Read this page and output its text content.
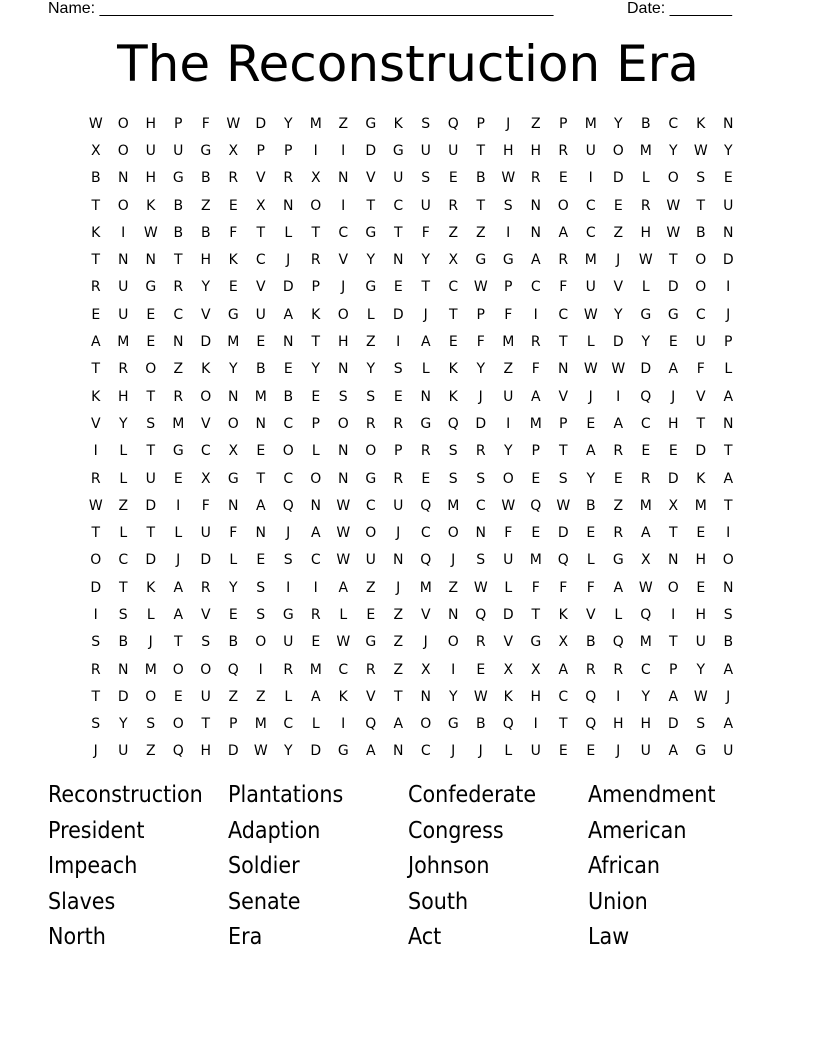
Name: ___________________________________________________	Date: _______
The Reconstruction Era
W	O	H	P	F	W	D	Y	M	Z	G	K	S	Q	P	J	Z	P	M	Y	B	C	K	N
X	O	U	U	G	X	P	P	I	I	D	G	U	U	T	H	H	R	U	O	M	Y	W	Y
B	N	H	G	B	R	V	R	X	N	V	U	S	E	B	W	R	E	I	D	L	O	S	E
T	O	K	B	Z	E	X	N	O	I	T	C	U	R	T	S	N	O	C	E	R	W	T	U
K	I	W	B	B	F	T	L	T	C	G	T	F	Z	Z	I	N	A	C	Z	H	W	B	N
T	N	N	T	H	K	C	J	R	V	Y	N	Y	X	G	G	A	R	M	J	W	T	O	D
R	U	G	R	Y	E	V	D	P	J	G	E	T	C	W	P	C	F	U	V	L	D	O	I
E	U	E	C	V	G	U	A	K	O	L	D	J	T	P	F	I	C	W	Y	G	G	C	J
A	M	E	N	D	M	E	N	T	H	Z	I	A	E	F	M	R	T	L	D	Y	E	U	P
T	R	O	Z	K	Y	B	E	Y	N	Y	S	L	K	Y	Z	F	N	W W	D	A	F	L
K	H	T	R	O	N	M	B	E	S	S	E	N	K	J	U	A	V	J	I	Q	J	V	A
V	Y	S	M	V	O	N	C	P	O	R	R	G	Q	D	I	M	P	E	A	C	H	T	N
I	L	T	G	C	X	E	O	L	N	O	P	R	S	R	Y	P	T	A	R	E	E	D	T
R	L	U	E	X	G	T	C	O	N	G	R	E	S	S	O	E	S	Y	E	R	D	K	A
W	Z	D	I	F	N	A	Q	N	W	C	U	Q	M	C	W	Q	W	B	Z	M	X	M	T
T	L	T	L	U	F	N	J	A	W	O	J	C	O	N	F	E	D	E	R	A	T	E	I
O	C	D	J	D	L	E	S	C	W	U	N	Q	J	S	U	M	Q	L	G	X	N	H	O
D	T	K	A	R	Y	S	I	I	A	Z	J	M	Z	W	L	F	F	F	A	W	O	E	N
I	S	L	A	V	E	S	G	R	L	E	Z	V	N	Q	D	T	K	V	L	Q	I	H	S
S	B	J	T	S	B	O	U	E	W	G	Z	J	O	R	V	G	X	B	Q	M	T	U	B
R	N	M	O	O	Q	I	R	M	C	R	Z	X	I	E	X	X	A	R	R	C	P	Y	A
T	D	O	E	U	Z	Z	L	A	K	V	T	N	Y	W	K	H	C	Q	I	Y	A	W	J
S	Y	S	O	T	P	M	C	L	I	Q	A	O	G	B	Q	I	T	Q	H	H	D	S	A
J	U	Z	Q	H	D	W	Y	D	G	A	N	C	J	J	L	U	E	E	J	U	A	G	U
Reconstruction	Plantations	Confederate	Amendment
President	Adaption	Congress	American
Impeach	Soldier	Johnson	African
Slaves	Senate	South	Union
North	Era	Act	Law
